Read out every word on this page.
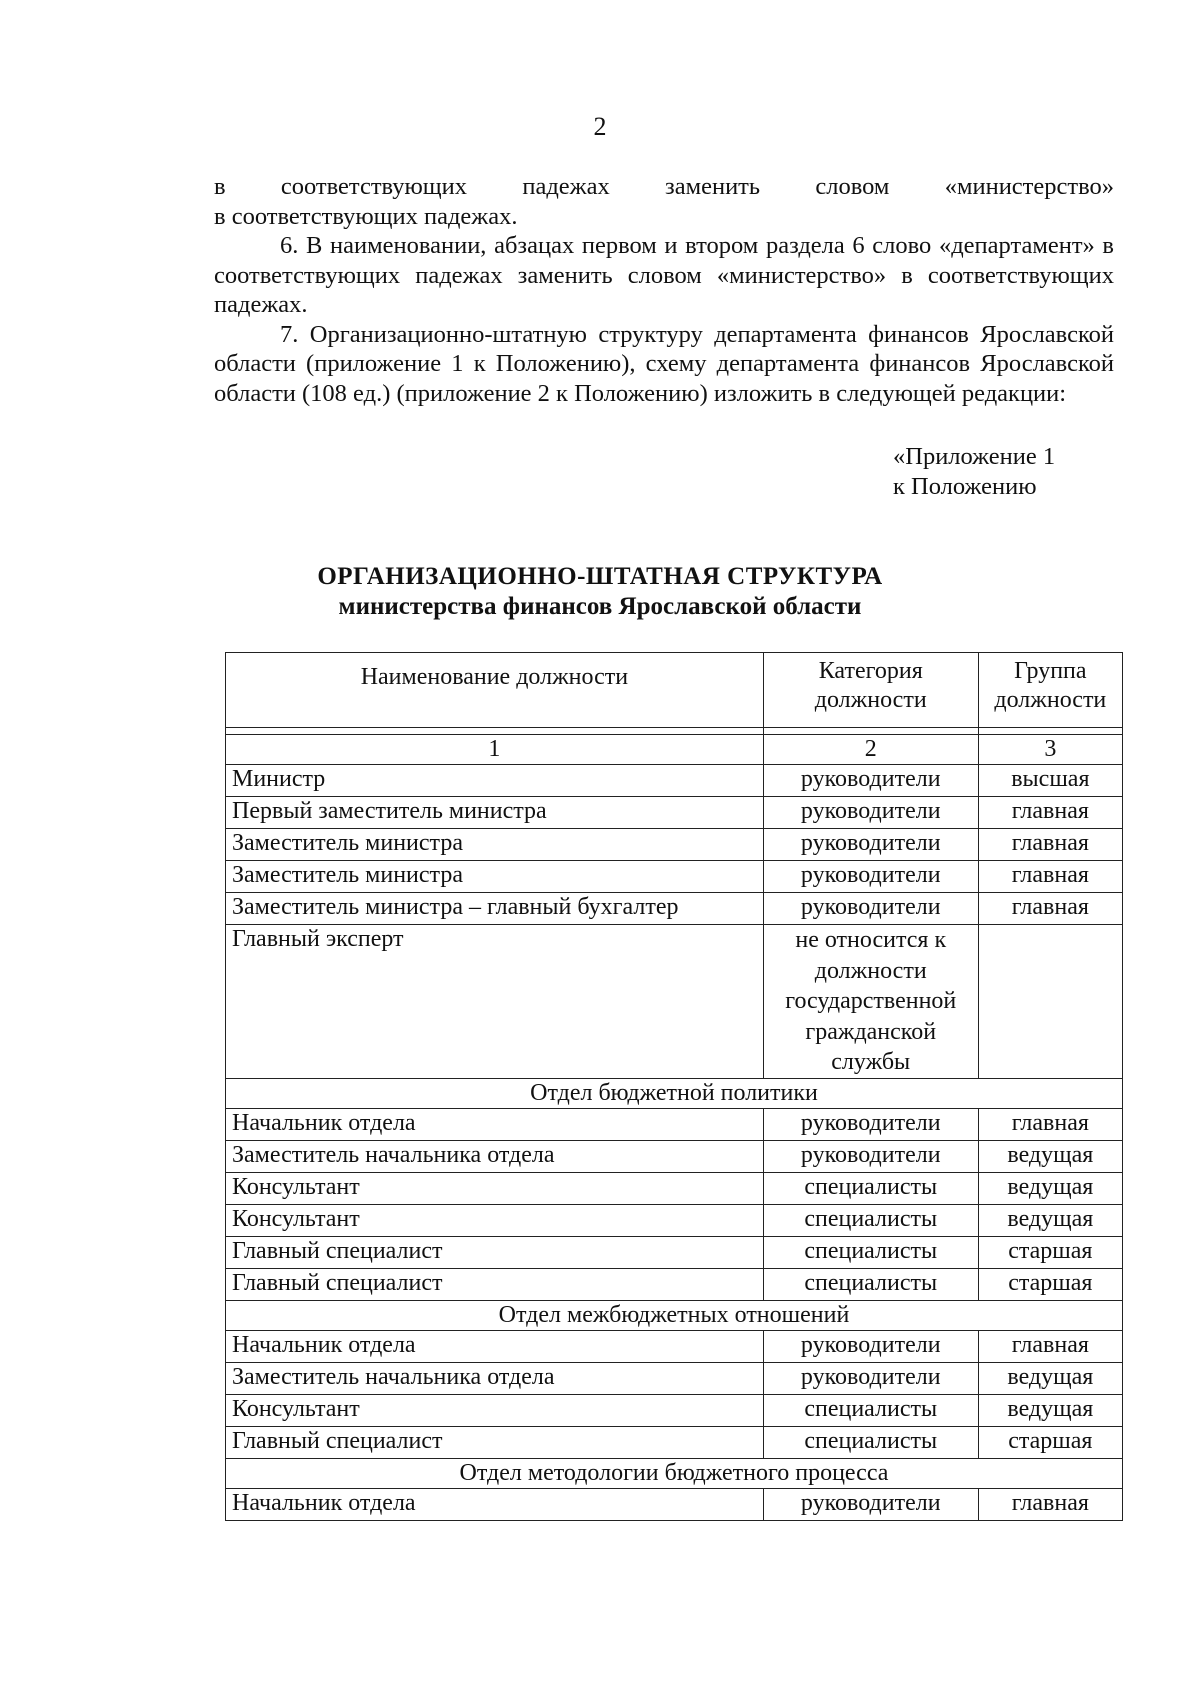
2

в соответствующих падежах заменить словом «министерство»

в соответствующих падежах.

6. В наименовании, абзацах первом и втором раздела 6 слово «департамент» в соответствующих падежах заменить словом «министерство» в соответствующих падежах.

7. Организационно-штатную структуру департамента финансов Ярославской области (приложение 1 к Положению), схему департамента финансов Ярославской области (108 ед.) (приложение 2 к Положению) изложить в следующей редакции:

«Приложение 1
к Положению
ОРГАНИЗАЦИОННО-ШТАТНАЯ СТРУКТУРА
министерства финансов Ярославской области
Наименование должности	Категория должности	Группа должности

1	2	3
Министр	руководители	высшая
Первый заместитель министра	руководители	главная
Заместитель министра	руководители	главная
Заместитель министра	руководители	главная
Заместитель министра – главный бухгалтер	руководители	главная
Главный эксперт	не относится к должности государственной гражданской службы	
Отдел бюджетной политики		
Начальник отдела	руководители	главная
Заместитель начальника отдела	руководители	ведущая
Консультант	специалисты	ведущая
Консультант	специалисты	ведущая
Главный специалист	специалисты	старшая
Главный специалист	специалисты	старшая
Отдел межбюджетных отношений		
Начальник отдела	руководители	главная
Заместитель начальника отдела	руководители	ведущая
Консультант	специалисты	ведущая
Главный специалист	специалисты	старшая
Отдел методологии бюджетного процесса		
Начальник отдела	руководители	главная
